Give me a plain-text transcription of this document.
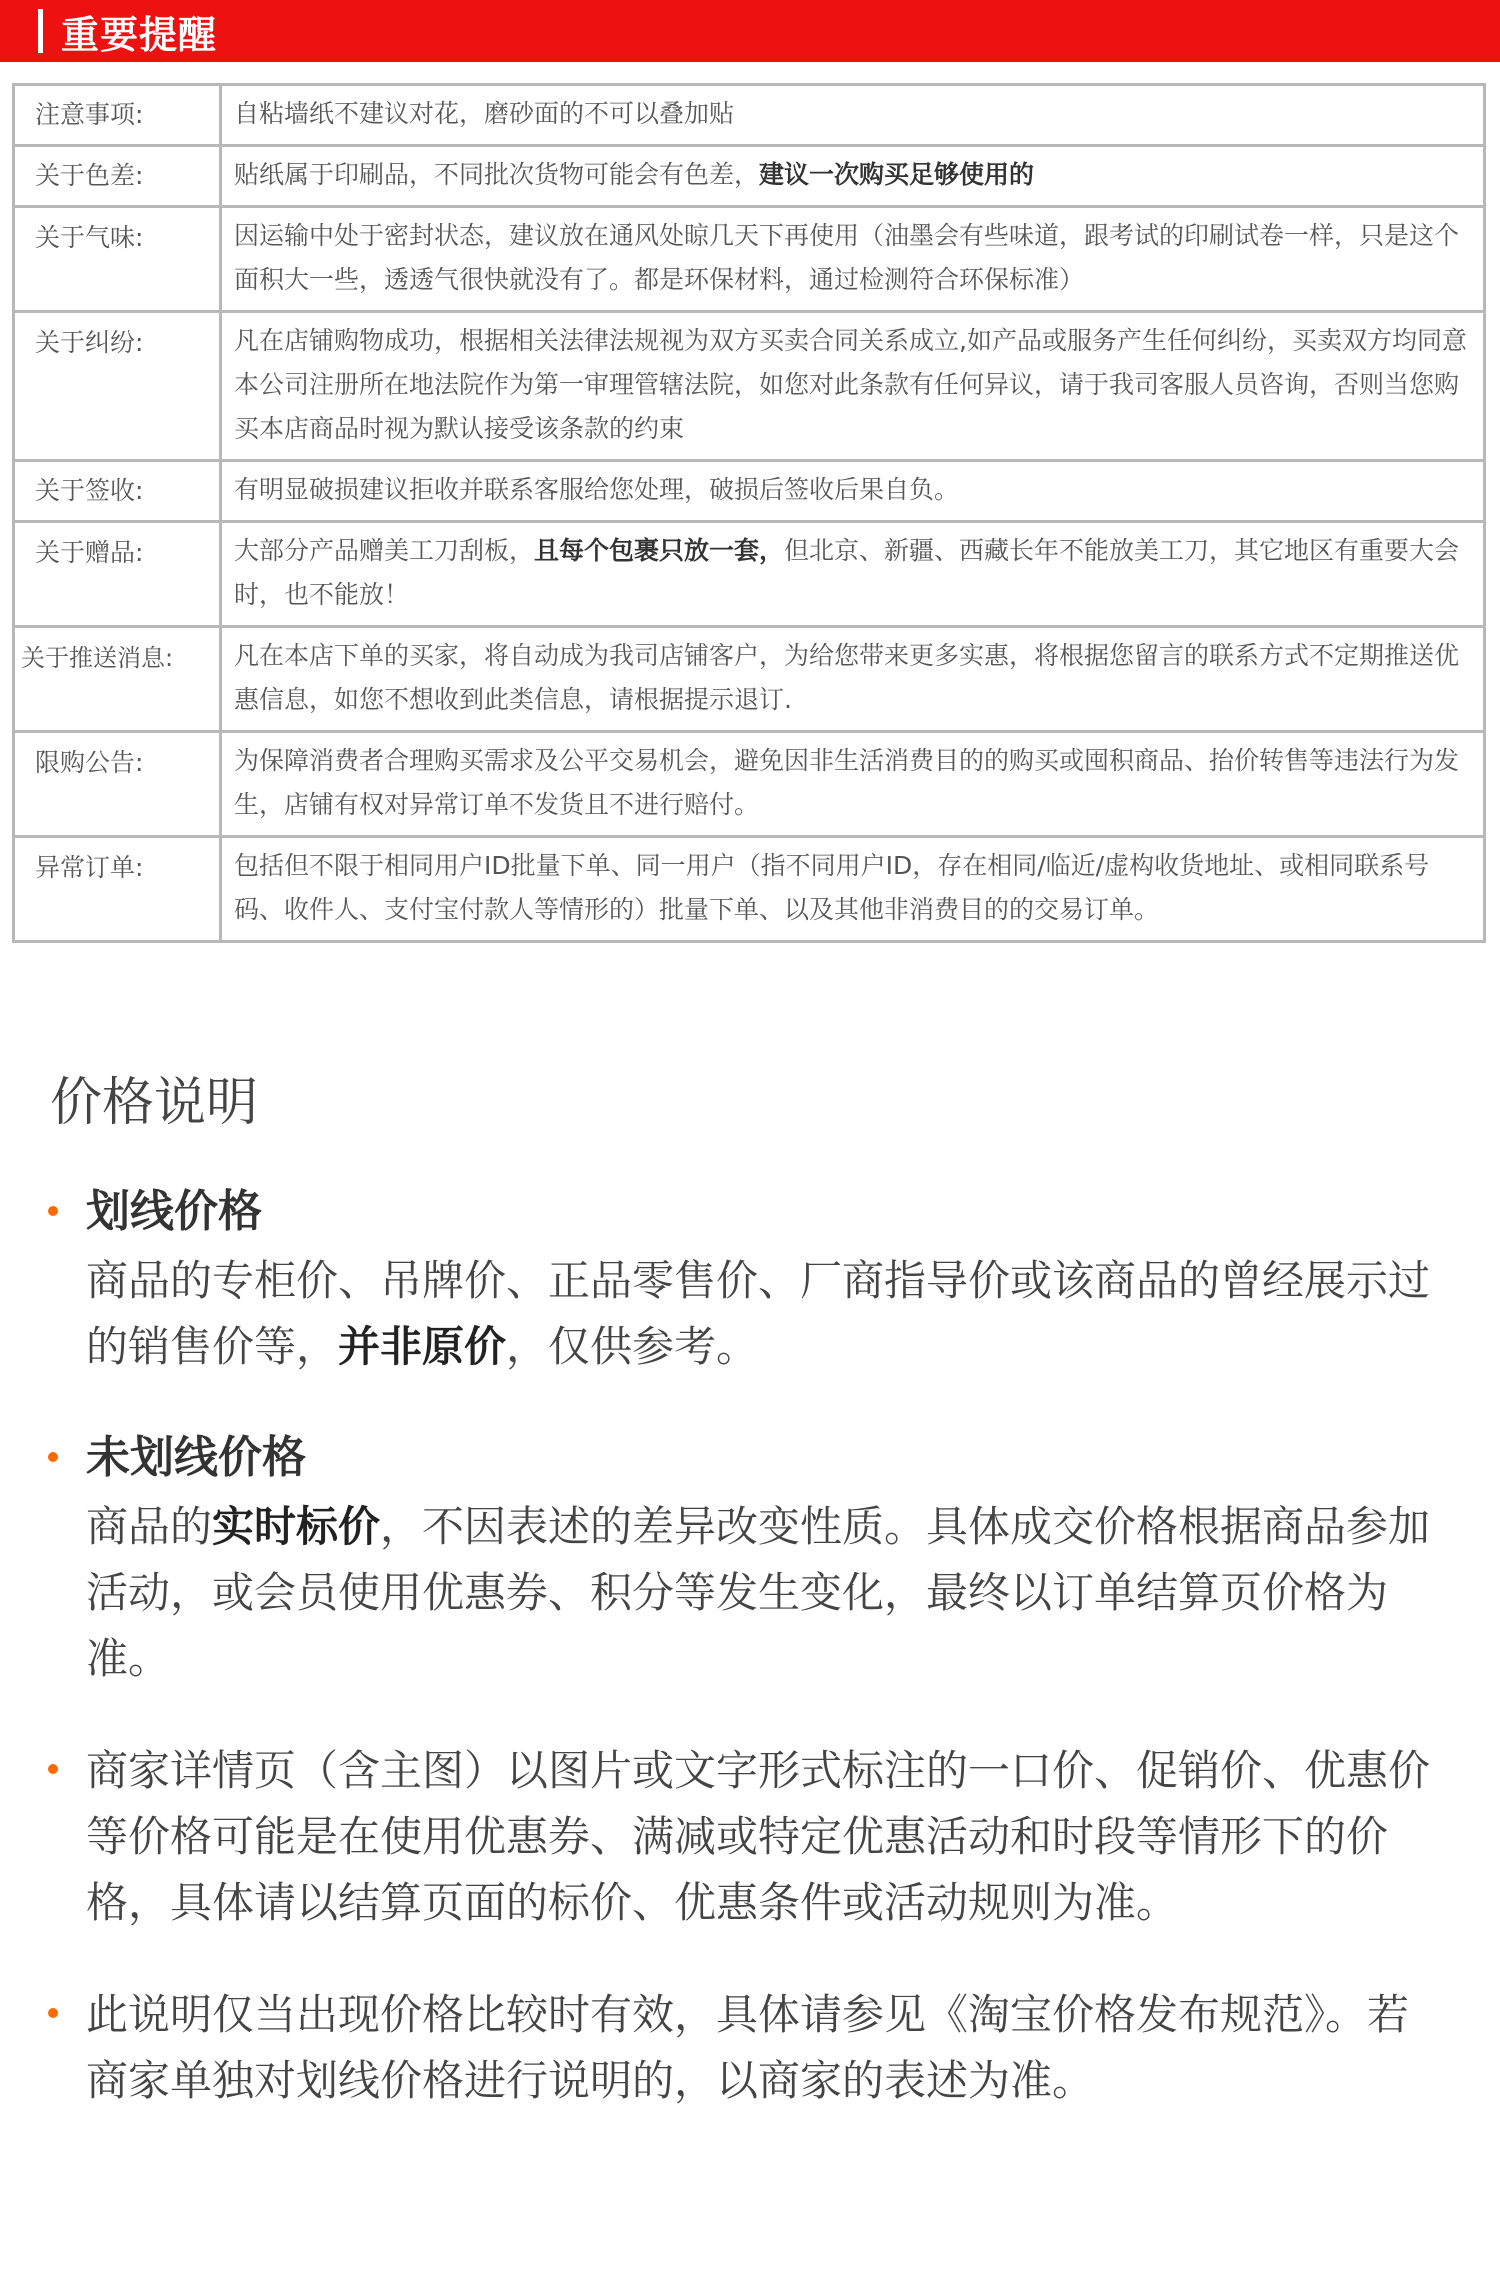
重要提醒
注意事项:	自粘墙纸不建议对花，磨砂面的不可以叠加贴
关于色差:	贴纸属于印刷品，不同批次货物可能会有色差，建议一次购买足够使用的
关于气味:	因运输中处于密封状态，建议放在通风处晾几天下再使用（油墨会有些味道，跟考试的印刷试卷一样，只是这个面积大一些，透透气很快就没有了。都是环保材料，通过检测符合环保标准）
关于纠纷:	凡在店铺购物成功，根据相关法律法规视为双方买卖合同关系成立,如产品或服务产生任何纠纷，买卖双方均同意本公司注册所在地法院作为第一审理管辖法院，如您对此条款有任何异议，请于我司客服人员咨询，否则当您购买本店商品时视为默认接受该条款的约束
关于签收:	有明显破损建议拒收并联系客服给您处理，破损后签收后果自负。
关于赠品:	大部分产品赠美工刀刮板，且每个包裹只放一套，但北京、新疆、西藏长年不能放美工刀，其它地区有重要大会时，也不能放！
关于推送消息:	凡在本店下单的买家，将自动成为我司店铺客户，为给您带来更多实惠，将根据您留言的联系方式不定期推送优惠信息，如您不想收到此类信息，请根据提示退订.
限购公告:	为保障消费者合理购买需求及公平交易机会，避免因非生活消费目的的购买或囤积商品、抬价转售等违法行为发生，店铺有权对异常订单不发货且不进行赔付。
异常订单:	包括但不限于相同用户ID批量下单、同一用户（指不同用户ID，存在相同/临近/虚构收货地址、或相同联系号码、收件人、支付宝付款人等情形的）批量下单、以及其他非消费目的的交易订单。
价格说明
划线价格
商品的专柜价、吊牌价、正品零售价、厂商指导价或该商品的曾经展示过的销售价等，并非原价，仅供参考。
未划线价格
商品的实时标价，不因表述的差异改变性质。具体成交价格根据商品参加活动，或会员使用优惠券、积分等发生变化，最终以订单结算页价格为准。
商家详情页（含主图）以图片或文字形式标注的一口价、促销价、优惠价等价格可能是在使用优惠券、满减或特定优惠活动和时段等情形下的价格，具体请以结算页面的标价、优惠条件或活动规则为准。
此说明仅当出现价格比较时有效，具体请参见《淘宝价格发布规范》。若商家单独对划线价格进行说明的，以商家的表述为准。
